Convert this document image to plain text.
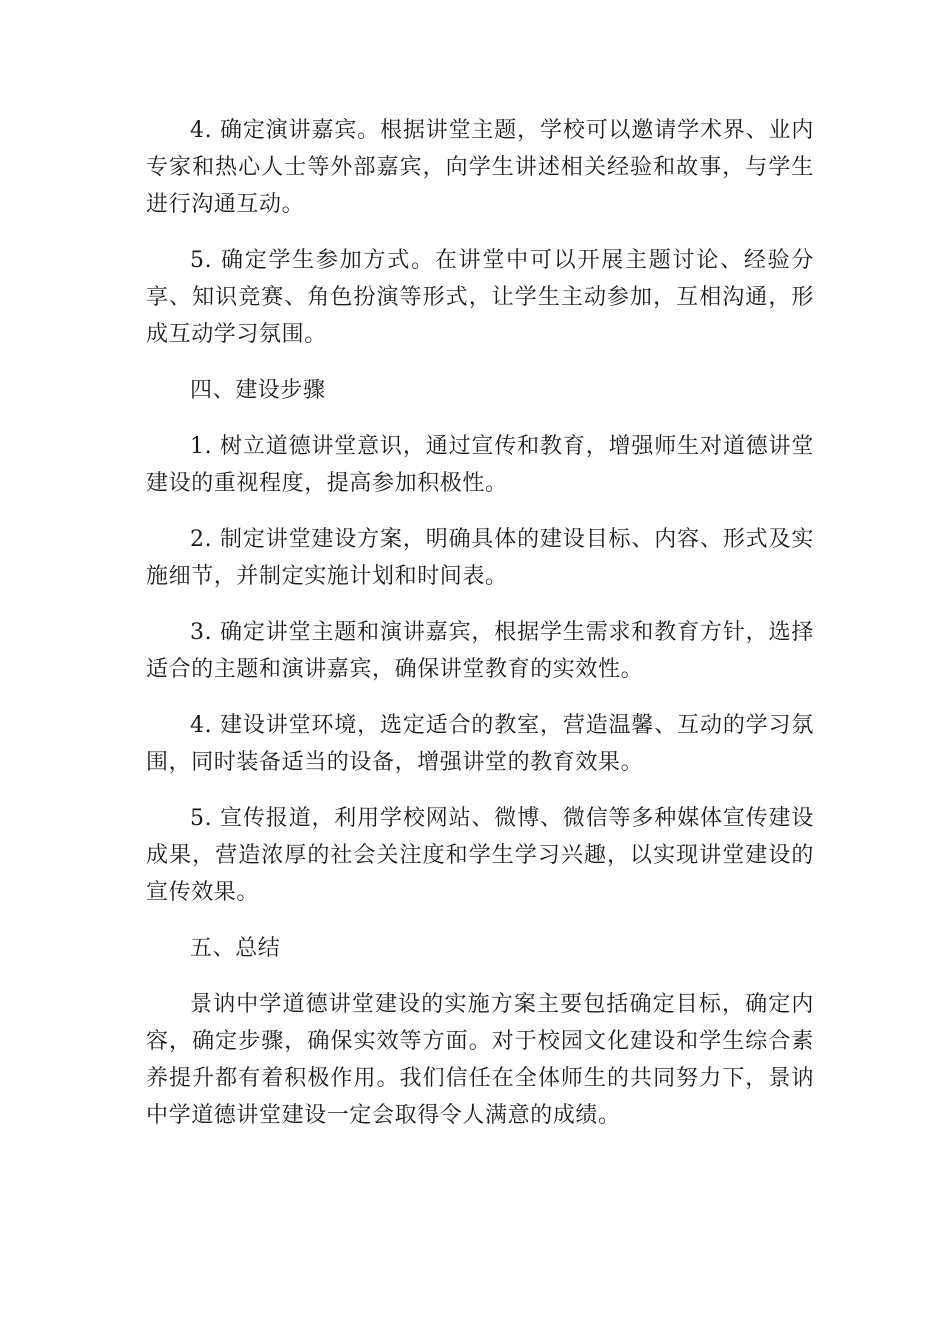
4. 确定演讲嘉宾。根据讲堂主题，学校可以邀请学术界、业内专家和热心人士等外部嘉宾，向学生讲述相关经验和故事，与学生进行沟通互动。

5. 确定学生参加方式。在讲堂中可以开展主题讨论、经验分享、知识竞赛、角色扮演等形式，让学生主动参加，互相沟通，形成互动学习氛围。

四、建设步骤

1. 树立道德讲堂意识，通过宣传和教育，增强师生对道德讲堂建设的重视程度，提高参加积极性。

2. 制定讲堂建设方案，明确具体的建设目标、内容、形式及实施细节，并制定实施计划和时间表。

3. 确定讲堂主题和演讲嘉宾，根据学生需求和教育方针，选择适合的主题和演讲嘉宾，确保讲堂教育的实效性。

4. 建设讲堂环境，选定适合的教室，营造温馨、互动的学习氛围，同时装备适当的设备，增强讲堂的教育效果。

5. 宣传报道，利用学校网站、微博、微信等多种媒体宣传建设成果，营造浓厚的社会关注度和学生学习兴趣，以实现讲堂建设的宣传效果。

五、总结

景讷中学道德讲堂建设的实施方案主要包括确定目标，确定内容，确定步骤，确保实效等方面。对于校园文化建设和学生综合素养提升都有着积极作用。我们信任在全体师生的共同努力下，景讷中学道德讲堂建设一定会取得令人满意的成绩。
